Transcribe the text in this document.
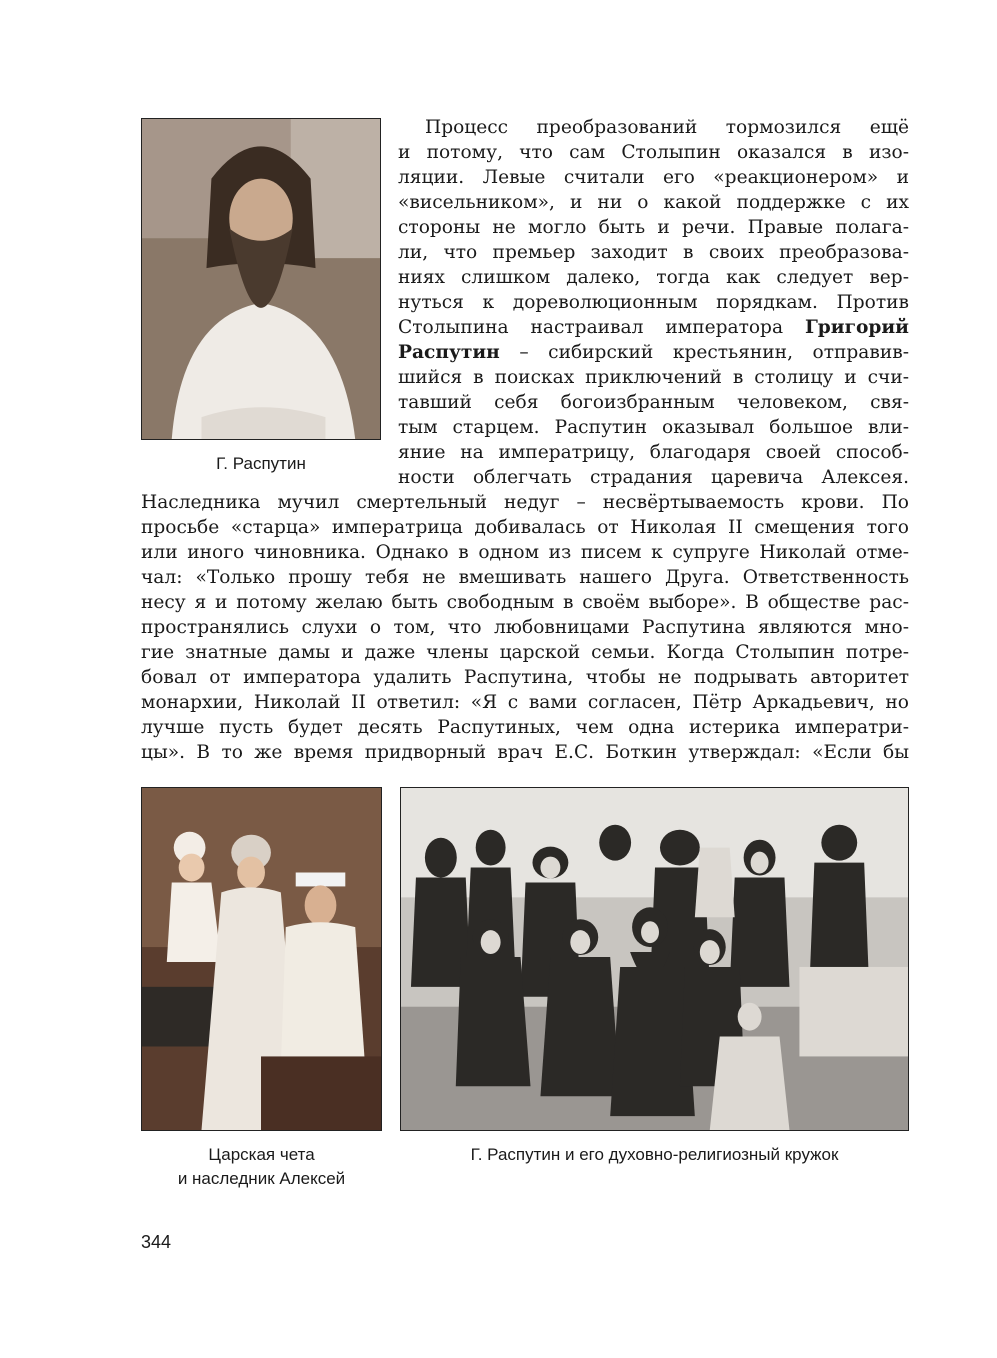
Г. Распутин

Процесс преобразований тормозился ещё

и потому, что сам Столыпин оказался в изо-

ляции. Левые считали его «реакционером» и

«висельником», и ни о какой поддержке с их

стороны не могло быть и речи. Правые полага-

ли, что премьер заходит в своих преобразова-

ниях слишком далеко, тогда как следует вер-

нуться к дореволюционным порядкам. Против

Столыпина настраивал императора Григорий

Распутин – сибирский крестьянин, отправив-

шийся в поисках приключений в столицу и счи-

тавший себя богоизбранным человеком, свя-

тым старцем. Распутин оказывал большое вли-

яние на императрицу, благодаря своей способ-

ности облегчать страдания царевича Алексея.

Наследника мучил смертельный недуг – несвёртываемость крови. По

просьбе «старца» императрица добивалась от Николая II смещения того

или иного чиновника. Однако в одном из писем к супруге Николай отме-

чал: «Только прошу тебя не вмешивать нашего Друга. Ответственность

несу я и потому желаю быть свободным в своём выборе». В обществе рас-

пространялись слухи о том, что любовницами Распутина являются мно-

гие знатные дамы и даже члены царской семьи. Когда Столыпин потре-

бовал от императора удалить Распутина, чтобы не подрывать авторитет

монархии, Николай II ответил: «Я с вами согласен, Пётр Аркадьевич, но

лучше пусть будет десять Распутиных, чем одна истерика императри-

цы». В то же время придворный врач Е.С. Боткин утверждал: «Если бы

Царская чета
и наследник Алексей
Г. Распутин и его духовно-религиозный кружок
344
